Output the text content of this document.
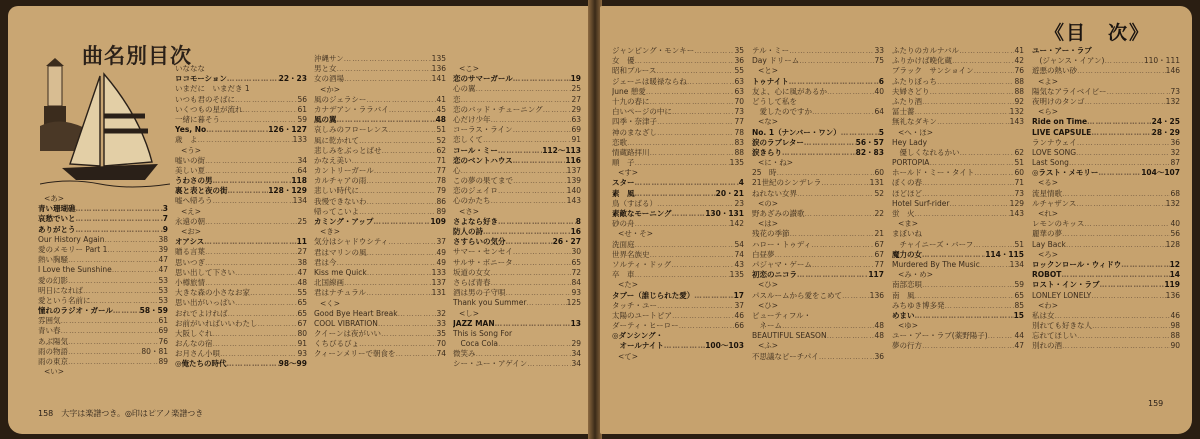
曲名別目次
<あ>
青い珊瑚礁 ……………………………………………………………………………………	3
哀愁でいと ……………………………………………………………………………………	7
ありがとう ……………………………………………………………………………………	9
Our History Again ……………………………………………………………………………………	38
愛のメモリー Part 1 ……………………………………………………………………………………	39
熱い胸騒 ……………………………………………………………………………………	47
I Love the Sunshine ……………………………………………………………………………………	47
愛の幻影 ……………………………………………………………………………………	53
明日になれば ……………………………………………………………………………………	53
愛という名前に ……………………………………………………………………………………	53
憧れのラジオ・ガール ……………………………………………………………………………………	58・59
雰囲気 ……………………………………………………………………………………	61
青い春 ……………………………………………………………………………………	69
あぶ陽気 ……………………………………………………………………………………	76
雨の物語 ……………………………………………………………………………………	80・81
雨の東京 ……………………………………………………………………………………	89
<い>
いななな
ロコモーション ……………………………………………………………………………………	22・23
いまだに　いまだき 1
いつも君のそばに ……………………………………………………………………………………	56
いくつもの星が流れ ……………………………………………………………………………………	61
一緒に暮そう ……………………………………………………………………………………	59
Yes, No ……………………………………………………………………………………	126・127
歳　よ ……………………………………………………………………………………	133
<う>
嘘いの街 ……………………………………………………………………………………	34
美しい夏 ……………………………………………………………………………………	64
うわさの男 ……………………………………………………………………………………	118
裏と表と夜の街 ……………………………………………………………………………………	128・129
嘘へ帰ろう ……………………………………………………………………………………	134
<え>
永遠の朝 ……………………………………………………………………………………	25
<お>
オアシス ……………………………………………………………………………………	11
贈る言葉 ……………………………………………………………………………………	27
思いつぎ ……………………………………………………………………………………	38
思い出して下さい ……………………………………………………………………………………	47
小樽旅情 ……………………………………………………………………………………	48
大きな森の小さなお家 ……………………………………………………………………………………	55
思い出がいっぱい ……………………………………………………………………………………	65
おれでよければ ……………………………………………………………………………………	65
お前がいればいいわたし ……………………………………………………………………………………	67
大阪しぐれ ……………………………………………………………………………………	80
おんなの宿 ……………………………………………………………………………………	91
お月さん小唄 ……………………………………………………………………………………	93
◎俺たちの時代 ……………………………………………………………………………………	98～99
沖縄サン ……………………………………………………………………………………	135
男と女 ……………………………………………………………………………………	136
女の酒場 ……………………………………………………………………………………	141
<か>
風のジェラシー ……………………………………………………………………………………	41
カナデアン・ララバイ ……………………………………………………………………………………	45
風の翼 ……………………………………………………………………………………	48
哀しみのフローレンス ……………………………………………………………………………………	51
風に乾かれて ……………………………………………………………………………………	52
悲しみをぶっとばせ ……………………………………………………………………………………	62
かなえ美い ……………………………………………………………………………………	71
カントリーガール ……………………………………………………………………………………	77
カルチャアの雨 ……………………………………………………………………………………	78
悲しい時代に ……………………………………………………………………………………	79
我慢できないわ ……………………………………………………………………………………	86
帰ってこいよ ……………………………………………………………………………………	89
カミング・アップ ……………………………………………………………………………………	109
<き>
気分はシャドウシティ ……………………………………………………………………………………	37
君はマリンの風 ……………………………………………………………………………………	49
君は今 ……………………………………………………………………………………	49
Kiss me Quick ……………………………………………………………………………………	133
北国線画 ……………………………………………………………………………………	137
君はナチュラル ……………………………………………………………………………………	131
<く>
Good Bye Heart Break ……………………………………………………………………………………	32
COOL VIBRATION ……………………………………………………………………………………	33
クイーンは夜がいい ……………………………………………………………………………………	35
くちびるびょ ……………………………………………………………………………………	70
クィーンメリーで朝食を ……………………………………………………………………………………	74
<こ>
恋のサマーガール ……………………………………………………………………………………	19
心の翼 ……………………………………………………………………………………	25
恋 ……………………………………………………………………………………	27
恋のバッド・チューニング ……………………………………………………………………………………	29
心だけ少年 ……………………………………………………………………………………	63
コーラス・ライン ……………………………………………………………………………………	69
恋しくて ……………………………………………………………………………………	91
コール・ミー ……………………………………………………………………………………	112～113
恋のベントハウス ……………………………………………………………………………………	116
心 ……………………………………………………………………………………	137
この夢の果てまで ……………………………………………………………………………………	139
恋のジェイロ ……………………………………………………………………………………	140
心のかたち ……………………………………………………………………………………	143
<さ>
さよなら好き ……………………………………………………………………………………	8
防人の詩 ……………………………………………………………………………………	16
さすらいの気分 ……………………………………………………………………………………	26・27
サマー・センセイ ……………………………………………………………………………………	30
サルサ・ボニータ ……………………………………………………………………………………	65
坂道の女女 ……………………………………………………………………………………	72
さらば青春 ……………………………………………………………………………………	84
酒は男の子守唄 ……………………………………………………………………………………	93
Thank you Summer ……………………………………………………………………………………	125
<し>
JAZZ MAN ……………………………………………………………………………………	13
This is Song For
　Coca Cola ……………………………………………………………………………………	29
微笑み ……………………………………………………………………………………	34
シー・ユー・アゲイン ……………………………………………………………………………………	34
158　大字は楽譜つき。◎印はピアノ楽譜つき
ジャンピング・モンキー ……………………………………………………………………………………	35
女　優 ……………………………………………………………………………………	36
昭和ブルース ……………………………………………………………………………………	55
ジェーニは暖禄ならね ……………………………………………………………………………………	63
June 憩愛 ……………………………………………………………………………………	63
十九の春に ……………………………………………………………………………………	70
白いページの中に ……………………………………………………………………………………	73
四季・奈津子 ……………………………………………………………………………………	77
神のまなざし ……………………………………………………………………………………	78
恋歌 ……………………………………………………………………………………	83
情蔵路拝川 ……………………………………………………………………………………	88
順　子 ……………………………………………………………………………………	135
<す>
スター ……………………………………………………………………………………	4
素　風 ……………………………………………………………………………………	20・21
鳥（すばる） ……………………………………………………………………………………	23
素敵なモーニング ……………………………………………………………………………………	130・131
砂の舟 ……………………………………………………………………………………	142
<せ・そ>
洗面庭 ……………………………………………………………………………………	54
世界名族史 ……………………………………………………………………………………	74
ソルティ・ドッグ ……………………………………………………………………………………	43
卒　車 ……………………………………………………………………………………	135
<た>
タブー（誰じられた愛） ……………………………………………………………………………………	17
タッチ・ユー ……………………………………………………………………………………	37
太陽のユートピア ……………………………………………………………………………………	46
ダーティ・ヒーロー ……………………………………………………………………………………	66
◎ダンシング・
　オールナイト ……………………………………………………………………………………	100～103
<て>
テル・ミー ……………………………………………………………………………………	33
Day ドリーム ……………………………………………………………………………………	75
<と>
トゥナイト ……………………………………………………………………………………	6
友よ、心に風があるか ……………………………………………………………………………………	40
どうして私を
　愛したのですか ……………………………………………………………………………………	64
<な>
No. 1（ナンバー・ワン） ……………………………………………………………………………………	5
涙のラブレター ……………………………………………………………………………………	56・57
涙きらり ……………………………………………………………………………………	82・83
<に・ね>
25　時 ……………………………………………………………………………………	60
21世紀のシンデレラ ……………………………………………………………………………………	131
ねれない女界 ……………………………………………………………………………………	52
<の>
野あざみの讃歌 ……………………………………………………………………………………	22
<は>
残花の季節 ……………………………………………………………………………………	21
ハロー・トゥディ ……………………………………………………………………………………	67
白昼夢 ……………………………………………………………………………………	67
パジャマ・ゲーム ……………………………………………………………………………………	77
初恋のニコラ ……………………………………………………………………………………	117
<ひ>
パスルームから愛をこめて ……………………………………………………………………………………	136
<ひ>
ビューティフル・
　ネーム ……………………………………………………………………………………	48
BEAUTIFUL SEASON ……………………………………………………………………………………	48
<ふ>
不思議なピーチパイ ……………………………………………………………………………………	36
ふたりのカルナバル ……………………………………………………………………………………	41
ふりかけば晩化蔵 ……………………………………………………………………………………	42
ブラック　サンショイン ……………………………………………………………………………………	76
ふたりぼっち ……………………………………………………………………………………	88
夫婦さどり ……………………………………………………………………………………	88
ふたり酒 ……………………………………………………………………………………	92
冨士薔 ……………………………………………………………………………………	132
無礼なダキン ……………………………………………………………………………………	143
<へ・ほ>
Hey Lady
　優しくなれるかい ……………………………………………………………………………………	62
PORTOPIA ……………………………………………………………………………………	51
ホールド・ミー・タイト ……………………………………………………………………………………	60
ぼくの春 ……………………………………………………………………………………	71
ほどほど ……………………………………………………………………………………	73
Hotel Surf-rider ……………………………………………………………………………………	129
蛍　火 ……………………………………………………………………………………	143
<ま>
まぼいね
　チャイニーズ・バーフ ……………………………………………………………………………………	51
魔力の女 ……………………………………………………………………………………	114・115
Murdered By The Music ……………………………………………………………………………………	134
<み・め>
南部恋唄 ……………………………………………………………………………………	59
南　風 ……………………………………………………………………………………	65
みちゆき博多発 ……………………………………………………………………………………	85
めまい ……………………………………………………………………………………	15
<ゆ>
ユー・アー・ラブ(薬野陽子) ……………………………………………………………………………………	44
夢の行方 ……………………………………………………………………………………	47
《目　次》
ユー・アー・ラブ
　(ジャンス・イアン) ……………………………………………………………………………………	110・111
遊悪の熱い砂 ……………………………………………………………………………………	146
<よ>
陽気なアライベイビー ……………………………………………………………………………………	73
夜明けのタンゴ ……………………………………………………………………………………	132
<ら>
Ride on Time ……………………………………………………………………………………	24・25
LIVE CAPSULE ……………………………………………………………………………………	28・29
ランナウェイ ……………………………………………………………………………………	36
LOVE SONG ……………………………………………………………………………………	32
Last Song ……………………………………………………………………………………	87
◎ラスト・メモリー ……………………………………………………………………………………	104～107
<る>
流星情歌 ……………………………………………………………………………………	68
ルチャザンス ……………………………………………………………………………………	132
<れ>
レモンのキッス ……………………………………………………………………………………	40
麗華の夢 ……………………………………………………………………………………	56
Lay Back ……………………………………………………………………………………	128
<ろ>
ロックンロール・ウィドウ ……………………………………………………………………………………	12
ROBOT ……………………………………………………………………………………	14
ロスト・イン・ラブ ……………………………………………………………………………………	119
LONLEY LONELY ……………………………………………………………………………………	136
<わ>
私は女 ……………………………………………………………………………………	46
別れても好きな人 ……………………………………………………………………………………	98
忘れてほしい ……………………………………………………………………………………	88
別れの酒 ……………………………………………………………………………………	90
159
